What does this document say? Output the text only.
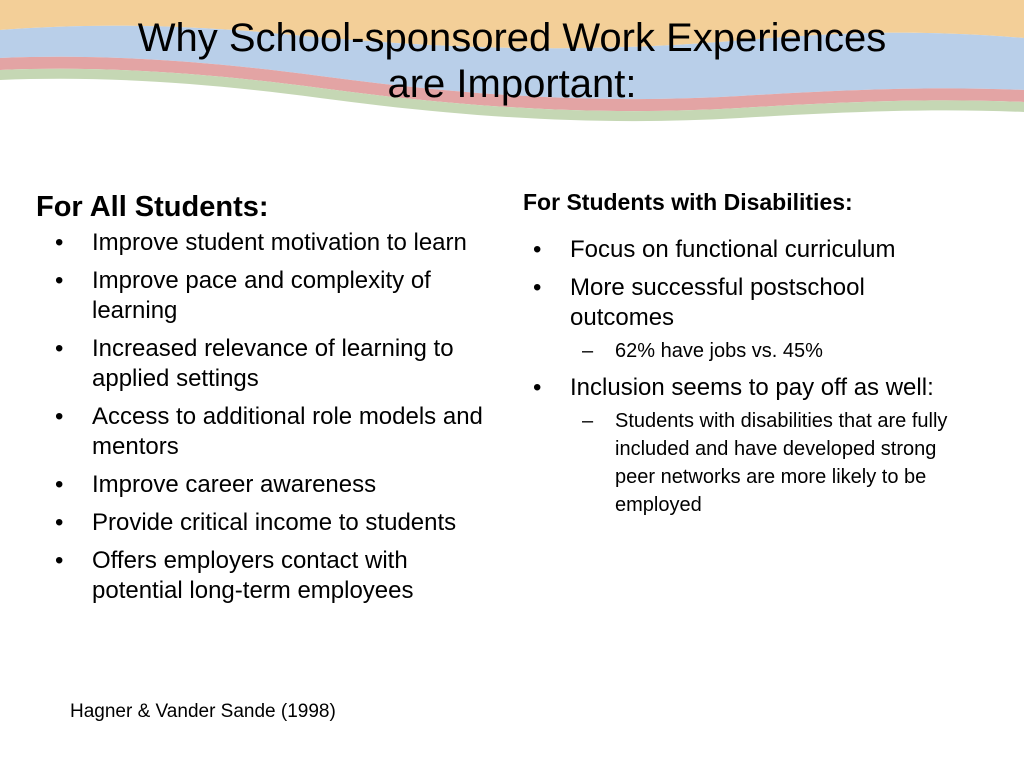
Why School-sponsored Work Experiences
are Important:
For All Students:
• Improve student motivation to learn
• Improve pace and complexity of learning
• Increased relevance of learning to applied settings
• Access to additional role models and mentors
• Improve career awareness
• Provide critical income to students
• Offers employers contact with potential long-term employees
For Students with Disabilities:
• Focus on functional curriculum
• More successful postschool outcomes
– 62% have jobs vs. 45%
• Inclusion seems to pay off as well:
– Students with disabilities that are fully included and have developed strong peer networks are more likely to be employed
Hagner & Vander Sande (1998)
